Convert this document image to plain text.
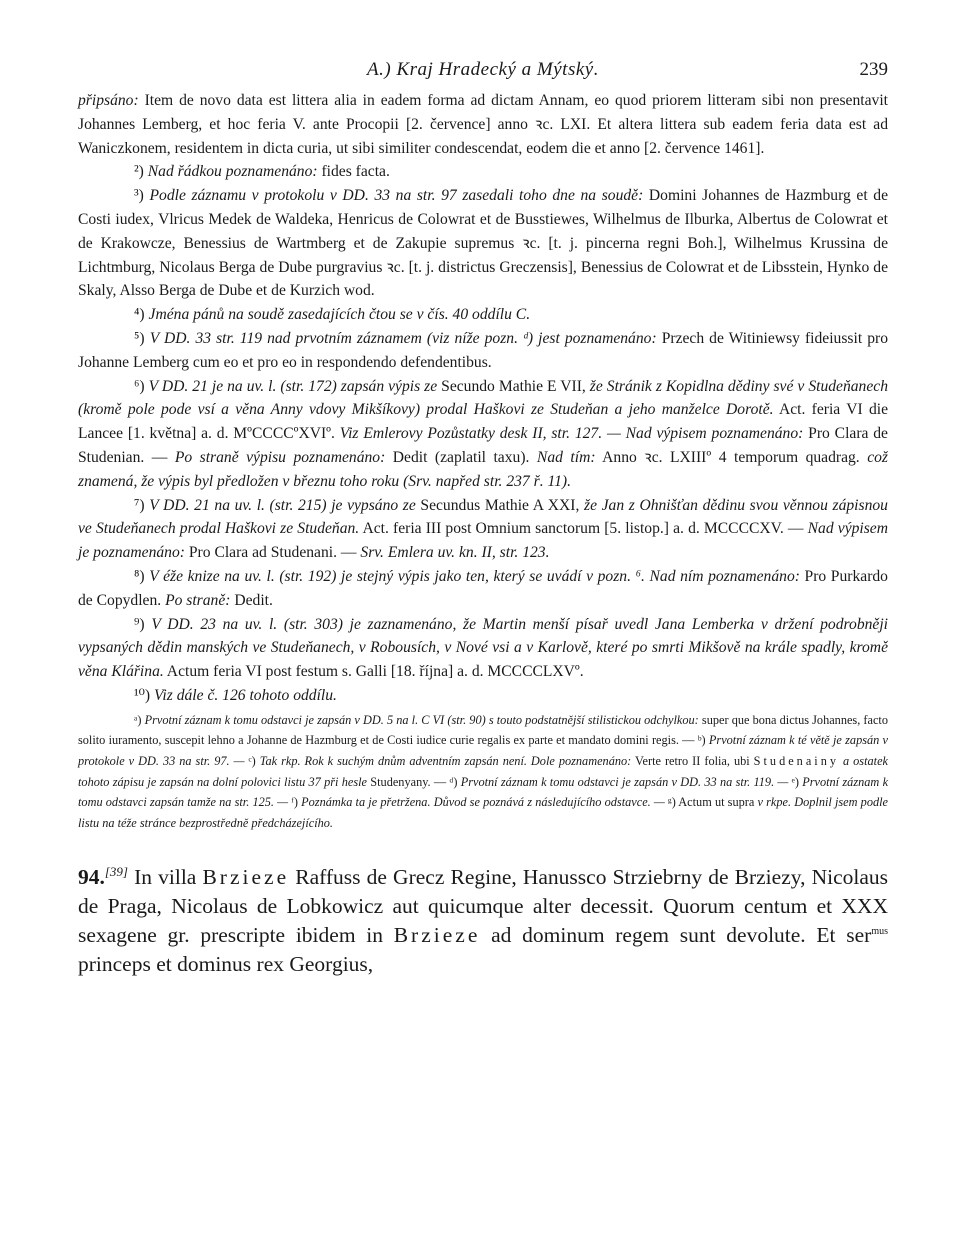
A.) Kraj Hradecký a Mýtský.	239

připsáno: Item de novo data est littera alia in eadem forma ad dictam Annam, eo quod priorem litteram sibi non presentavit Johannes Lemberg, et hoc feria V. ante Procopii [2. července] anno ꝛc. LXI. Et altera littera sub eadem feria data est ad Waniczkonem, residentem in dicta curia, ut sibi similiter condescendat, eodem die et anno [2. července 1461].

²) Nad řádkou poznamenáno: fides facta.

³) Podle záznamu v protokolu v DD. 33 na str. 97 zasedali toho dne na soudě: Domini Johannes de Hazmburg et de Costi iudex, Vlricus Medek de Waldeka, Henricus de Colowrat et de Busstiewes, Wilhelmus de Ilburka, Albertus de Colowrat et de Krakowcze, Benessius de Wartmberg et de Zakupie supremus ꝛc. [t. j. pincerna regni Boh.], Wilhelmus Krussina de Lichtmburg, Nicolaus Berga de Dube purgravius ꝛc. [t. j. districtus Greczensis], Benessius de Colowrat et de Libsstein, Hynko de Skaly, Alsso Berga de Dube et de Kurzich wod.

⁴) Jména pánů na soudě zasedajících čtou se v čís. 40 oddílu C.

⁵) V DD. 33 str. 119 nad prvotním záznamem (viz níže pozn. ᵈ) jest poznamenáno: Przech de Witiniewsy fideiussit pro Johanne Lemberg cum eo et pro eo in respondendo defendentibus.

⁶) V DD. 21 je na uv. l. (str. 172) zapsán výpis ze Secundo Mathie E VII, že Stránik z Kopidlna dědiny své v Studeňanech (kromě pole pode vsí a věna Anny vdovy Mikšíkovy) prodal Haškovi ze Studeňan a jeho manželce Dorotě. Act. feria VI die Lancee [1. května] a. d. MºCCCCºXVIº. Viz Emlerovy Pozůstatky desk II, str. 127. — Nad výpisem poznamenáno: Pro Clara de Studenian. — Po straně výpisu poznamenáno: Dedit (zaplatil taxu). Nad tím: Anno ꝛc. LXIIIº 4 temporum quadrag. což znamená, že výpis byl předložen v březnu toho roku (Srv. napřed str. 237 ř. 11).

⁷) V DD. 21 na uv. l. (str. 215) je vypsáno ze Secundus Mathie A XXI, že Jan z Ohnišťan dědinu svou věnnou zápisnou ve Studeňanech prodal Haškovi ze Studeňan. Act. feria III post Omnium sanctorum [5. listop.] a. d. MCCCCXV. — Nad výpisem je poznamenáno: Pro Clara ad Studenani. — Srv. Emlera uv. kn. II, str. 123.

⁸) V éže knize na uv. l. (str. 192) je stejný výpis jako ten, který se uvádí v pozn. ⁶. Nad ním poznamenáno: Pro Purkardo de Copydlen. Po straně: Dedit.

⁹) V DD. 23 na uv. l. (str. 303) je zaznamenáno, že Martin menší písař uvedl Jana Lemberka v držení podrobněji vypsaných dědin manských ve Studeňanech, v Robousích, v Nové vsi a v Karlově, které po smrti Mikšově na krále spadly, kromě věna Klářina. Actum feria VI post festum s. Galli [18. října] a. d. MCCCCLXVº.

¹⁰) Viz dále č. 126 tohoto oddílu.

ᵃ) Prvotní záznam k tomu odstavci je zapsán v DD. 5 na l. C VI (str. 90) s touto podstatnější stilistickou odchylkou: super que bona dictus Johannes, facto solito iuramento, suscepit lehno a Johanne de Hazmburg et de Costi iudice curie regalis ex parte et mandato domini regis. — ᵇ) Prvotní záznam k té větě je zapsán v protokole v DD. 33 na str. 97. — ᶜ) Tak rkp. Rok k suchým dnům adventním zapsán není. Dole poznamenáno: Verte retro II folia, ubi Studenainy a ostatek tohoto zápisu je zapsán na dolní polovici listu 37 při hesle Studenyany. — ᵈ) Prvotní záznam k tomu odstavci je zapsán v DD. 33 na str. 119. — ᵉ) Prvotní záznam k tomu odstavci zapsán tamže na str. 125. — ᶠ) Poznámka ta je přetržena. Důvod se poznává z následujícího odstavce. — ᵍ) Actum ut supra v rkpe. Doplnil jsem podle listu na téže stránce bezprostředně předcházejícího.

94.[39] In villa Brzieze Raffuss de Grecz Regine, Hanussco Strziebrny de Brziezy, Nicolaus de Praga, Nicolaus de Lobkowicz aut quicumque alter decessit. Quorum centum et XXX sexagene gr. prescripte ibidem in Brzieze ad dominum regem sunt devolute. Et ser$^{mus}$ princeps et dominus rex Georgius,
